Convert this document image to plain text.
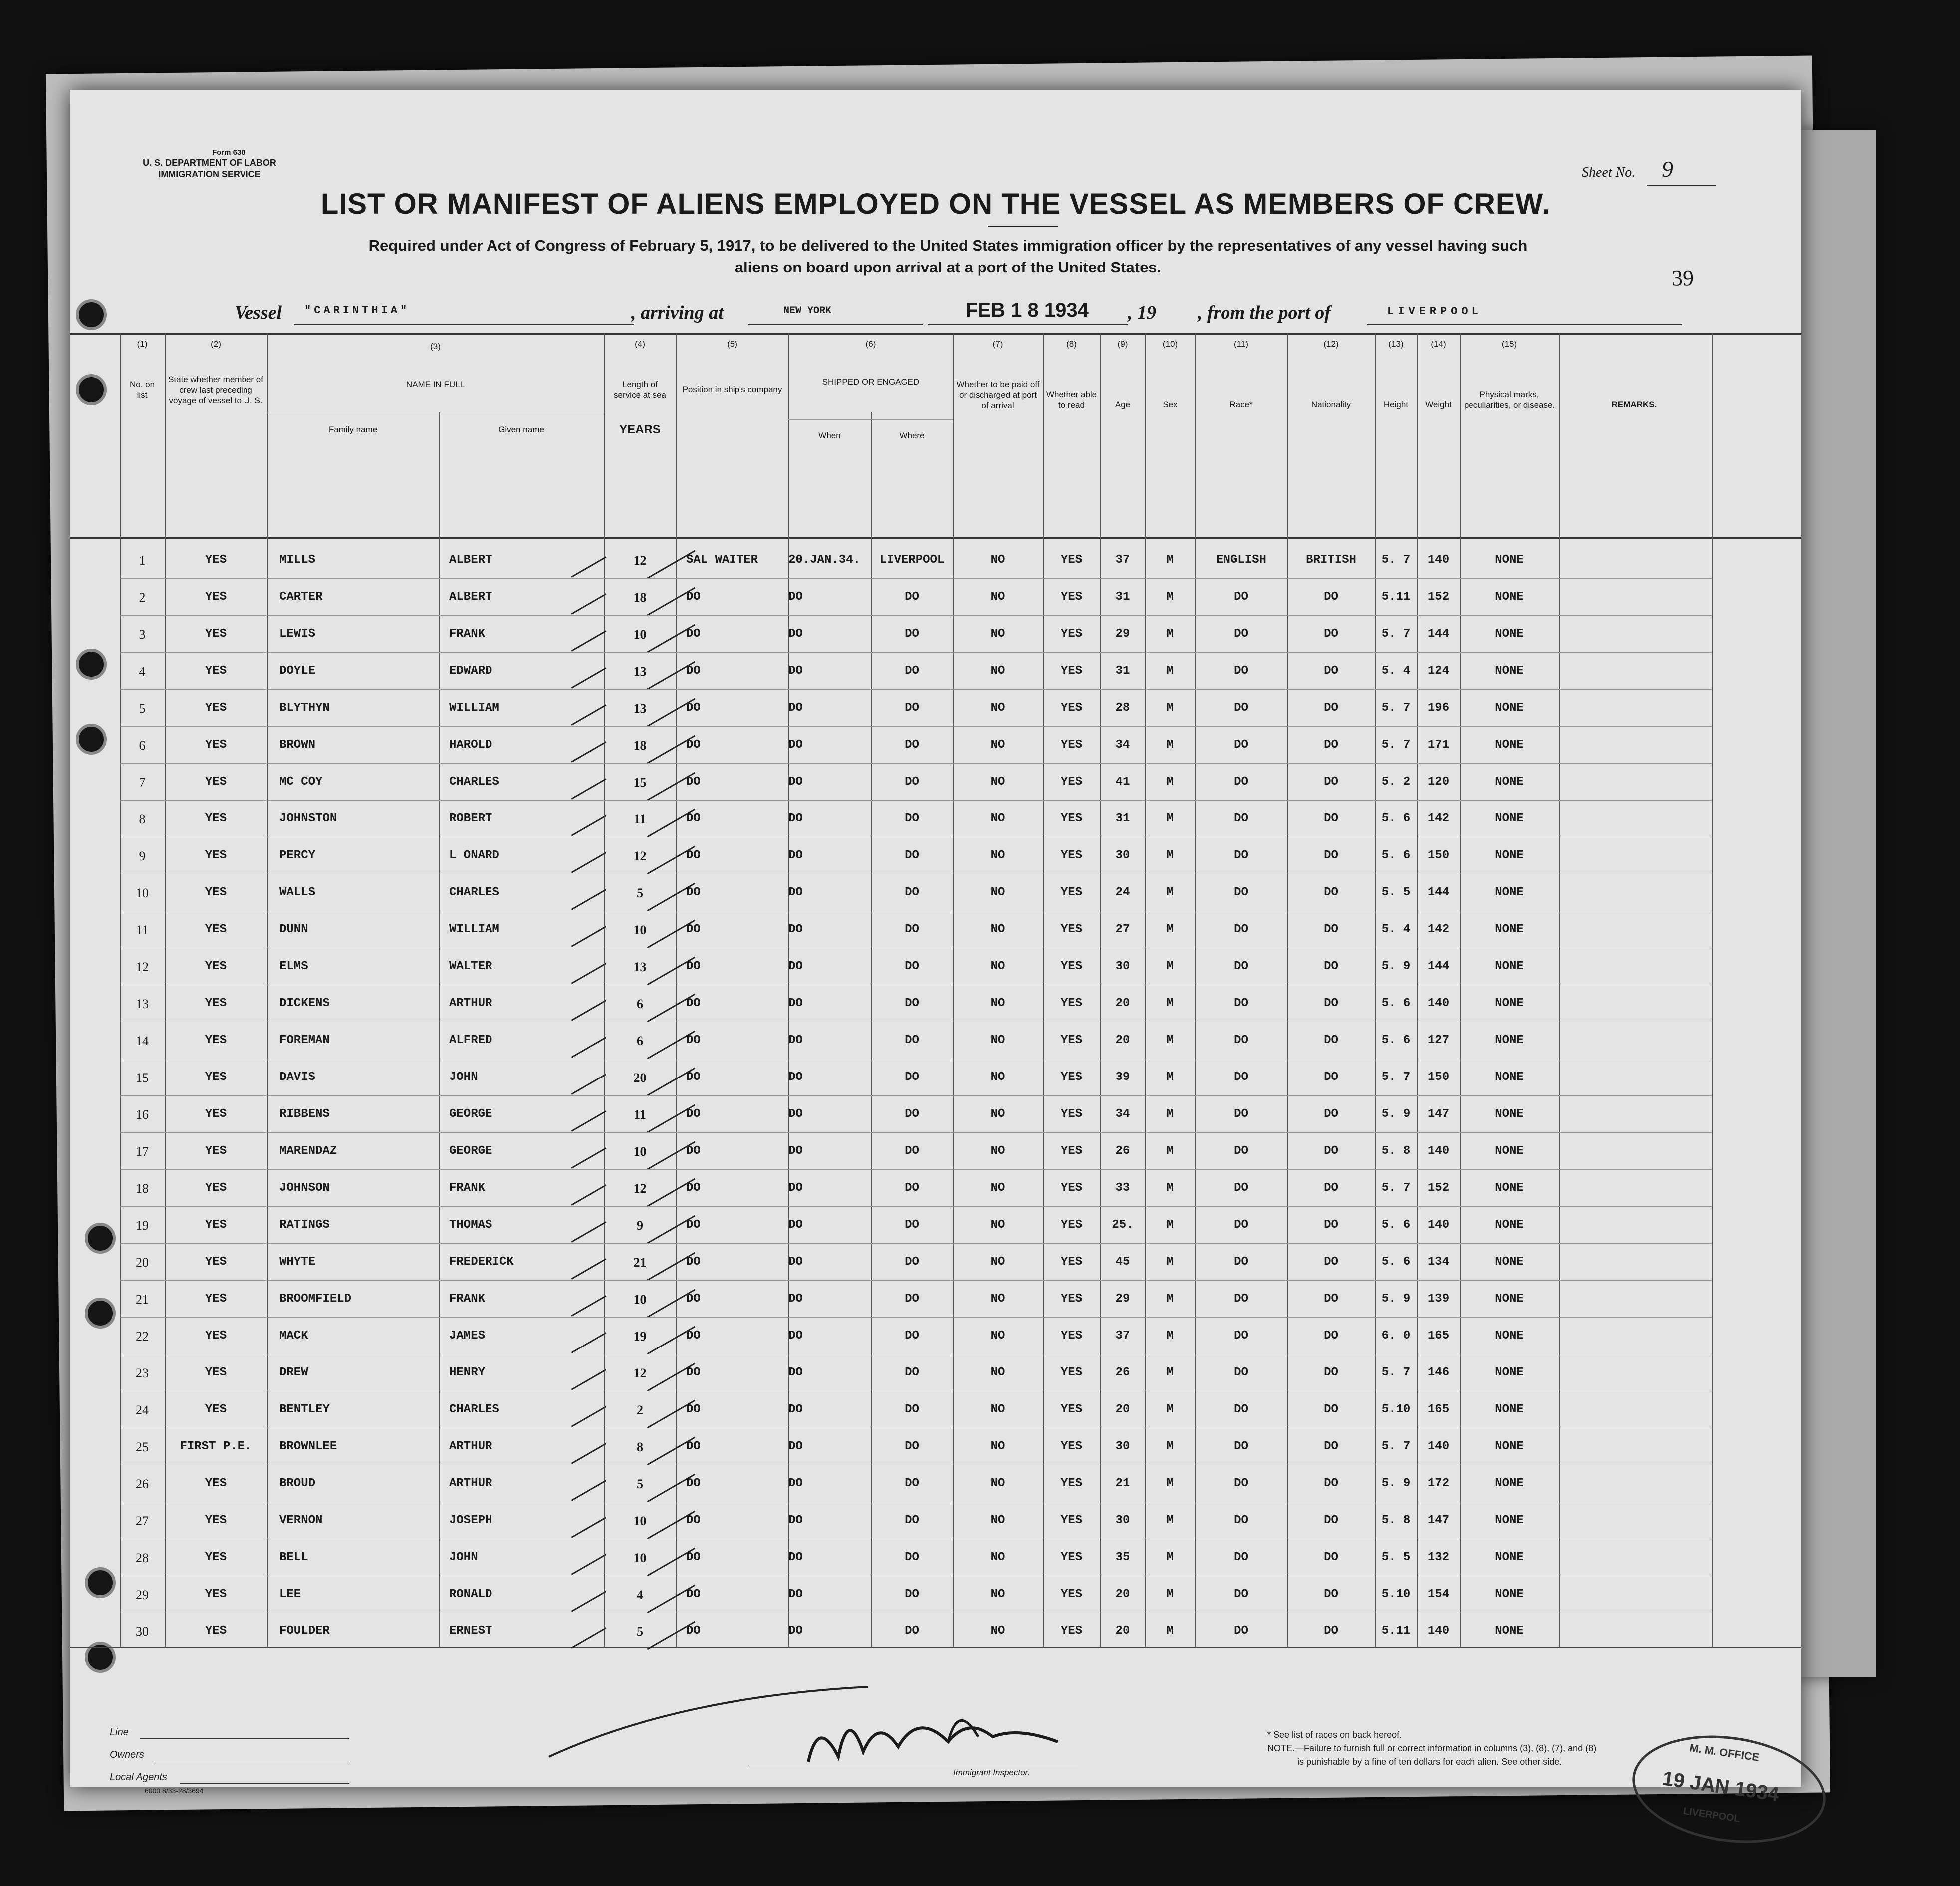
Form 630
U. S. DEPARTMENT OF LABOR
IMMIGRATION SERVICE	Sheet No. 9
LIST OR MANIFEST OF ALIENS EMPLOYED ON THE VESSEL AS MEMBERS OF CREW.
Required under Act of Congress of February 5, 1917, to be delivered to the United States immigration officer by the representatives of any vessel having such
aliens on board upon arrival at a port of the United States.	39
Vessel "CARINTHIA"	, arriving at	NEW YORK	FEB 1 8 1934 , 19 , from the port of	LIVERPOOL
(1)	(2)	(3)	(4)	(5)	(6)	(7)	(8)	(9)	(10)	(11)	(12)	(13)	(14)	(15)
No. on list
State whether member of crew last preceding voyage of vessel to U. S.
NAME IN FULL
Family name	Given name
Length of service at sea
YEARS
Position in ship's company
SHIPPED OR ENGAGED
When	Where
Whether to be paid off or discharged at port of arrival
Whether able to read	Age	Sex	Race*	Nationality	Height	Weight
Physical marks, peculiarities, or disease.	REMARKS.
1	YES	MILLS	ALBERT	12	SAL WAITER	20.JAN.34.	LIVERPOOL	NO	YES	37	M	ENGLISH	BRITISH	5. 7	140	NONE
2	YES	CARTER	ALBERT	18	DO	DO	DO	NO	YES	31	M	DO	DO	5.11	152	NONE
3	YES	LEWIS	FRANK	10	DO	DO	DO	NO	YES	29	M	DO	DO	5. 7	144	NONE
4	YES	DOYLE	EDWARD	13	DO	DO	DO	NO	YES	31	M	DO	DO	5. 4	124	NONE
5	YES	BLYTHYN	WILLIAM	13	DO	DO	DO	NO	YES	28	M	DO	DO	5. 7	196	NONE
6	YES	BROWN	HAROLD	18	DO	DO	DO	NO	YES	34	M	DO	DO	5. 7	171	NONE
7	YES	MC COY	CHARLES	15	DO	DO	DO	NO	YES	41	M	DO	DO	5. 2	120	NONE
8	YES	JOHNSTON	ROBERT	11	DO	DO	DO	NO	YES	31	M	DO	DO	5. 6	142	NONE
9	YES	PERCY	L ONARD	12	DO	DO	DO	NO	YES	30	M	DO	DO	5. 6	150	NONE
10	YES	WALLS	CHARLES	5	DO	DO	DO	NO	YES	24	M	DO	DO	5. 5	144	NONE
11	YES	DUNN	WILLIAM	10	DO	DO	DO	NO	YES	27	M	DO	DO	5. 4	142	NONE
12	YES	ELMS	WALTER	13	DO	DO	DO	NO	YES	30	M	DO	DO	5. 9	144	NONE
13	YES	DICKENS	ARTHUR	6	DO	DO	DO	NO	YES	20	M	DO	DO	5. 6	140	NONE
14	YES	FOREMAN	ALFRED	6	DO	DO	DO	NO	YES	20	M	DO	DO	5. 6	127	NONE
15	YES	DAVIS	JOHN	20	DO	DO	DO	NO	YES	39	M	DO	DO	5. 7	150	NONE
16	YES	RIBBENS	GEORGE	11	DO	DO	DO	NO	YES	34	M	DO	DO	5. 9	147	NONE
17	YES	MARENDAZ	GEORGE	10	DO	DO	DO	NO	YES	26	M	DO	DO	5. 8	140	NONE
18	YES	JOHNSON	FRANK	12	DO	DO	DO	NO	YES	33	M	DO	DO	5. 7	152	NONE
19	YES	RATINGS	THOMAS	9	DO	DO	DO	NO	YES	25.	M	DO	DO	5. 6	140	NONE
20	YES	WHYTE	FREDERICK	21	DO	DO	DO	NO	YES	45	M	DO	DO	5. 6	134	NONE
21	YES	BROOMFIELD	FRANK	10	DO	DO	DO	NO	YES	29	M	DO	DO	5. 9	139	NONE
22	YES	MACK	JAMES	19	DO	DO	DO	NO	YES	37	M	DO	DO	6. 0	165	NONE
23	YES	DREW	HENRY	12	DO	DO	DO	NO	YES	26	M	DO	DO	5. 7	146	NONE
24	YES	BENTLEY	CHARLES	2	DO	DO	DO	NO	YES	20	M	DO	DO	5.10	165	NONE
25	FIRST P.E.	BROWNLEE	ARTHUR	8	DO	DO	DO	NO	YES	30	M	DO	DO	5. 7	140	NONE
26	YES	BROUD	ARTHUR	5	DO	DO	DO	NO	YES	21	M	DO	DO	5. 9	172	NONE
27	YES	VERNON	JOSEPH	10	DO	DO	DO	NO	YES	30	M	DO	DO	5. 8	147	NONE
28	YES	BELL	JOHN	10	DO	DO	DO	NO	YES	35	M	DO	DO	5. 5	132	NONE
29	YES	LEE	RONALD	4	DO	DO	DO	NO	YES	20	M	DO	DO	5.10	154	NONE
30	YES	FOULDER	ERNEST	5	DO	DO	DO	NO	YES	20	M	DO	DO	5.11	140	NONE
Line
Owners
Local Agents
6000 8/33-28/3694
Immigrant Inspector.
* See list of races on back hereof.
NOTE.—Failure to furnish full or correct information in columns (3), (8), (7), and (8)
is punishable by a fine of ten dollars for each alien. See other side.	M. M. OFFICE
19 JAN 1934
LIVERPOOL
